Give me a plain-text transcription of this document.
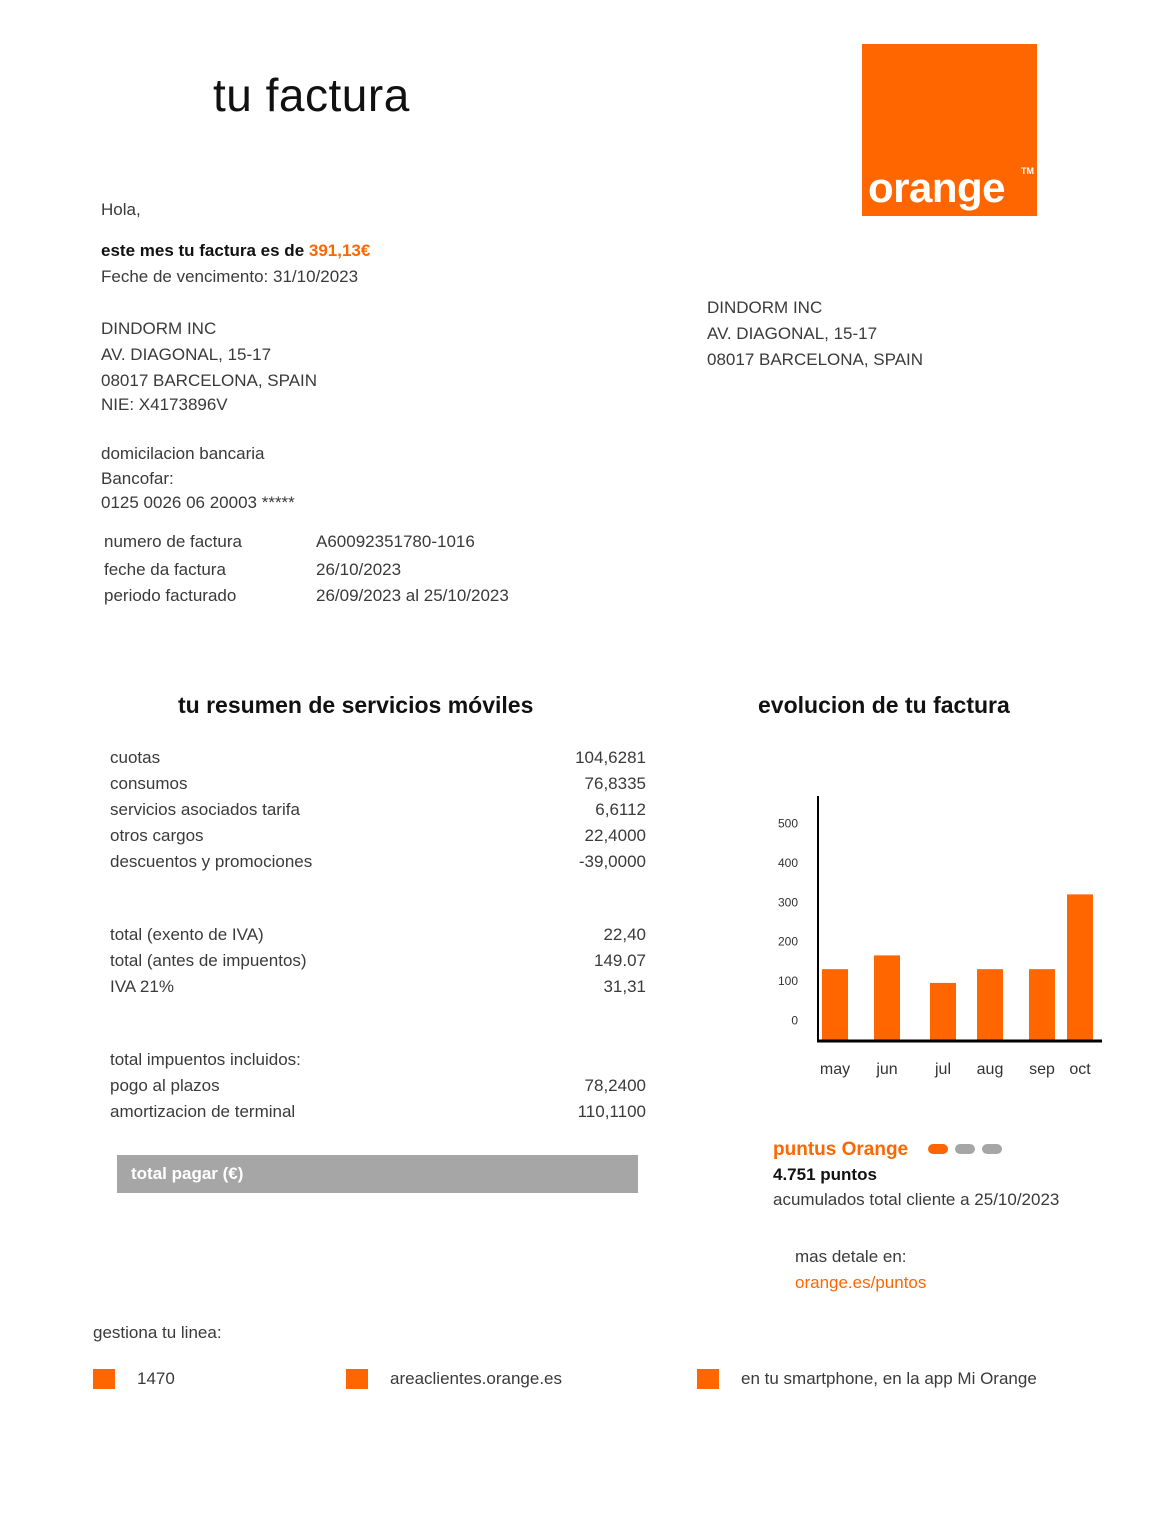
tu factura
orange TM
Hola,
este mes tu factura es de 391,13€
Feche de vencimento: 31/10/2023
DINDORM INC
AV. DIAGONAL, 15-17
08017 BARCELONA, SPAIN
NIE: X4173896V
DINDORM INC
AV. DIAGONAL, 15-17
08017 BARCELONA, SPAIN
domicilacion bancaria
Bancofar:
0125 0026 06 20003 *****
numero de factura	A60092351780-1016
feche da factura	26/10/2023
periodo facturado	26/09/2023 al 25/10/2023
tu resumen de servicios móviles
cuotas	104,6281
consumos	76,8335
servicios asociados tarifa	6,6112
otros cargos	22,4000
descuentos y promociones	-39,0000
total (exento de IVA)	22,40
total (antes de impuentos)	149.07
IVA 21%	31,31
total impuentos incluidos:
pogo al plazos	78,2400
amortizacion de terminal	110,1100
total pagar (€)
evolucion de tu factura
0
100
200
300
400
500
may jun jul aug sep oct
puntus Orange
4.751 puntos
acumulados total cliente a 25/10/2023
mas detale en:
orange.es/puntos
gestiona tu linea:
1470	areaclientes.orange.es	en tu smartphone, en la app Mi Orange
